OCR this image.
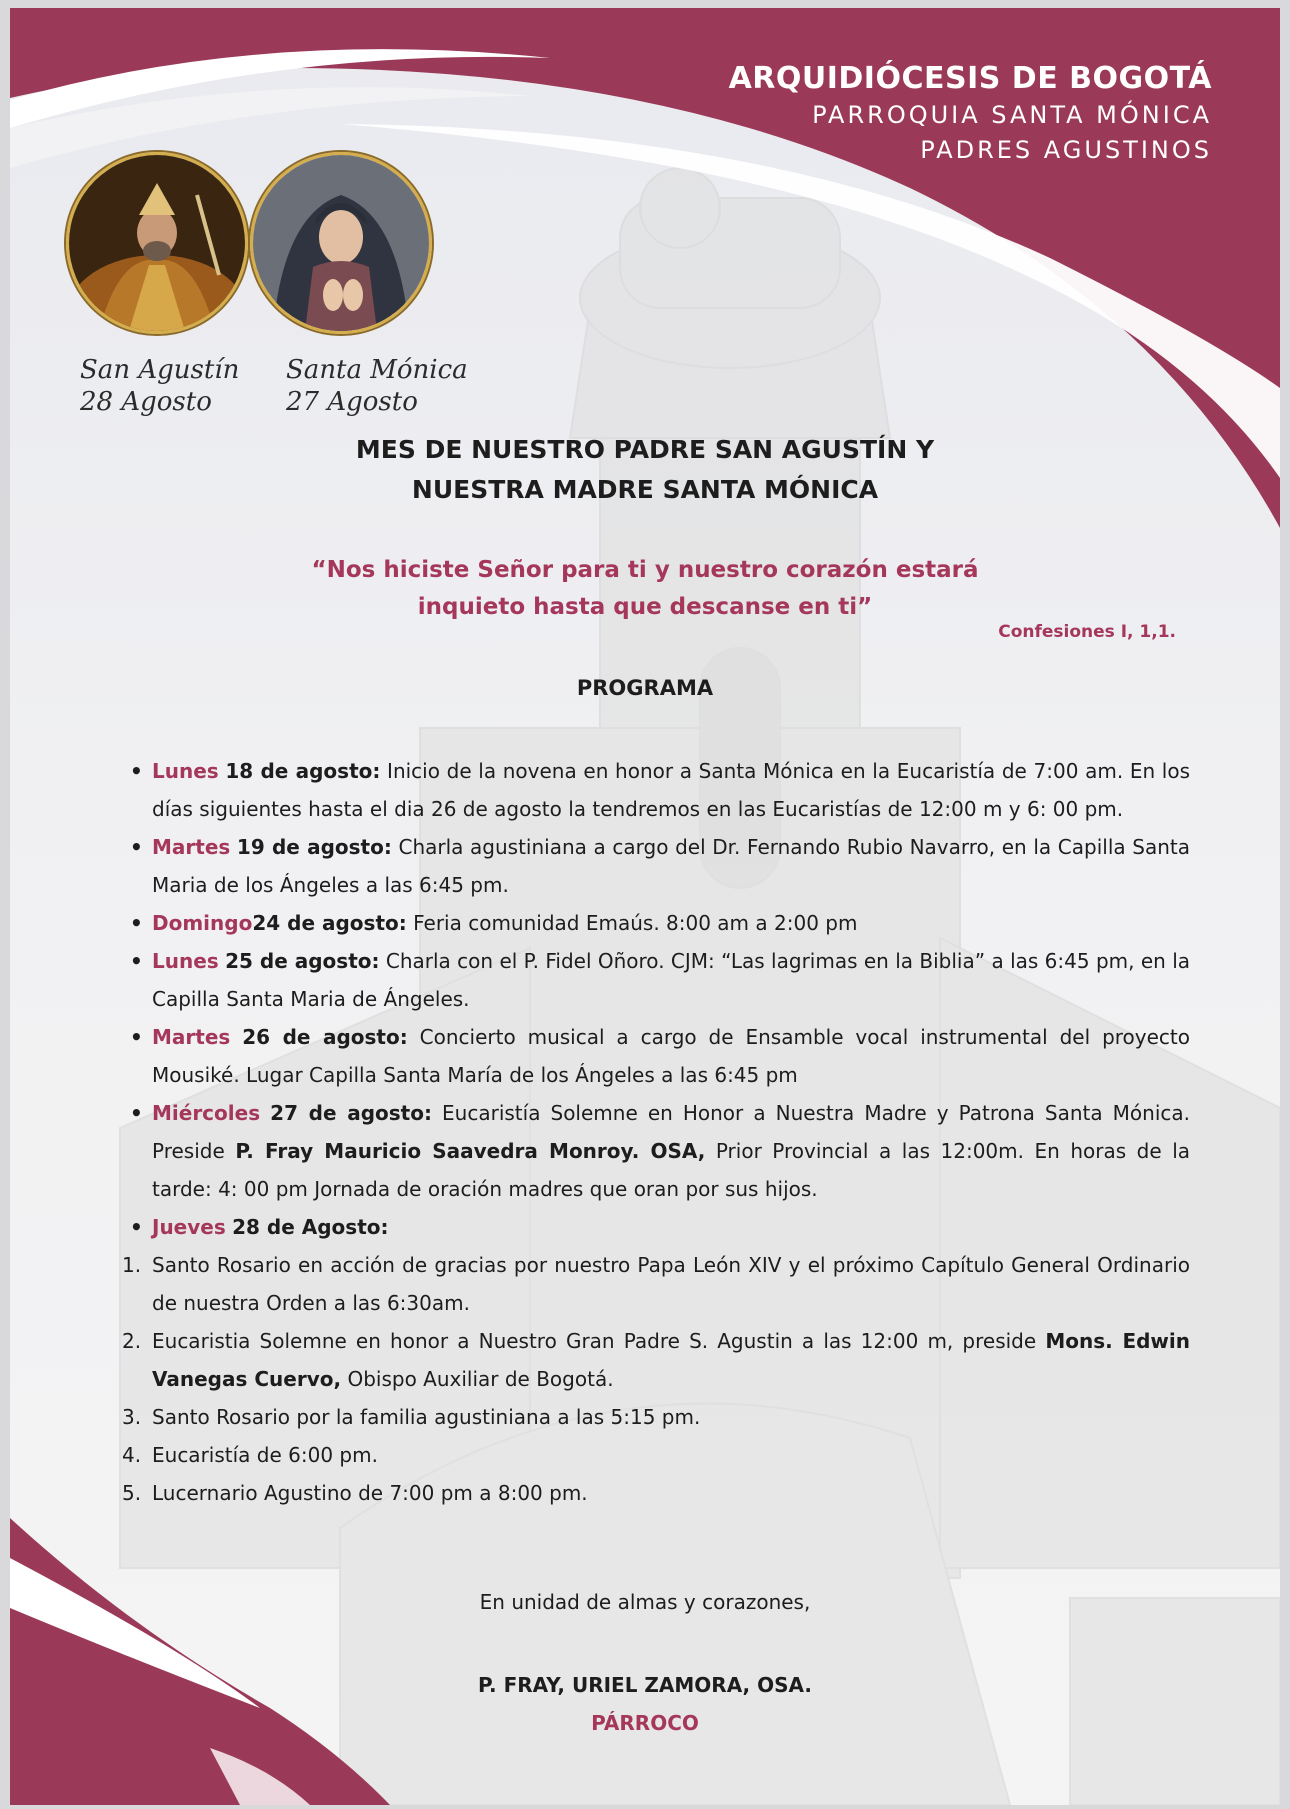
ARQUIDIÓCESIS DE BOGOTÁ
PARROQUIA SANTA MÓNICA
PADRES AGUSTINOS
San Agustín
28 Agosto
Santa Mónica
27 Agosto
MES DE NUESTRO PADRE SAN AGUSTÍN Y
NUESTRA MADRE SANTA MÓNICA
“Nos hiciste Señor para ti y nuestro corazón estará
inquieto hasta que descanse en ti”
Confesiones I, 1,1.
PROGRAMA
• Lunes 18 de agosto: Inicio de la novena en honor a Santa Mónica en la Eucaristía de 7:00 am. En los días siguientes hasta el dia 26 de agosto la tendremos en las Eucaristías de 12:00 m y 6: 00 pm.
• Martes 19 de agosto: Charla agustiniana a cargo del Dr. Fernando Rubio Navarro, en la Capilla Santa Maria de los Ángeles a las 6:45 pm.
• Domingo24 de agosto: Feria comunidad Emaús. 8:00 am a 2:00 pm
• Lunes 25 de agosto: Charla con el P. Fidel Oñoro. CJM: “Las lagrimas en la Biblia” a las 6:45 pm, en la Capilla Santa Maria de Ángeles.
• Martes 26 de agosto: Concierto musical a cargo de Ensamble vocal instrumental del proyecto Mousiké. Lugar Capilla Santa María de los Ángeles a las 6:45 pm
• Miércoles 27 de agosto: Eucaristía Solemne en Honor a Nuestra Madre y Patrona Santa Mónica. Preside P. Fray Mauricio Saavedra Monroy. OSA, Prior Provincial a las 12:00m. En horas de la tarde: 4: 00 pm Jornada de oración madres que oran por sus hijos.
• Jueves 28 de Agosto:
1. Santo Rosario en acción de gracias por nuestro Papa León XIV y el próximo Capítulo General Ordinario de nuestra Orden a las 6:30am.
2. Eucaristia Solemne en honor a Nuestro Gran Padre S. Agustin a las 12:00 m, preside Mons. Edwin Vanegas Cuervo, Obispo Auxiliar de Bogotá.
3. Santo Rosario por la familia agustiniana a las 5:15 pm.
4. Eucaristía de 6:00 pm.
5. Lucernario Agustino de 7:00 pm a 8:00 pm.
En unidad de almas y corazones,
P. FRAY, URIEL ZAMORA, OSA.
PÁRROCO
